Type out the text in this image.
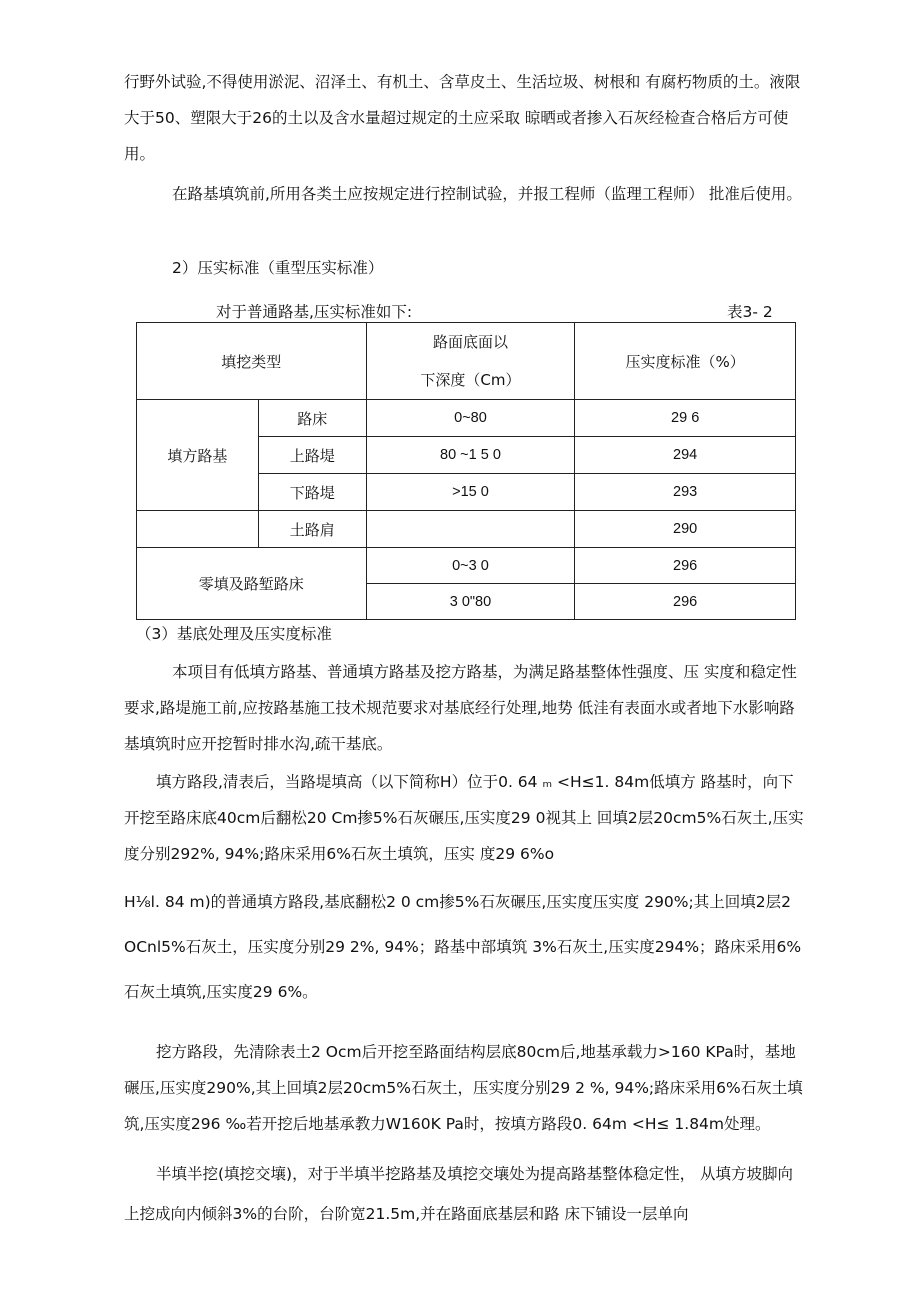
行野外试验,不得使用淤泥、沼泽土、有机土、含草皮土、生活垃圾、树根和 有腐朽物质的土。液限大于50、塑限大于26的土以及含水量超过规定的土应采取 晾晒或者掺入石灰经检查合格后方可使用。

在路基填筑前,所用各类土应按规定进行控制试验，并报工程师（监理工程师） 批准后使用。

2）压实标准（重型压实标准）
对于普通路基,压实标准如下:	表3- 2
填挖类型		路面底面以
下深度（Cm）	压实度标准（%）
填方路基	路床	0~80	29 6
	上路堤	80 ~1 5 0	294
	下路堤	>15 0	293
	土路肩		290
零填及路堑路床		0~3 0	296
		3 0"80	296
（3）基底处理及压实度标准

本项目有低填方路基、普通填方路基及挖方路基，为满足路基整体性强度、压 实度和稳定性要求,路堤施工前,应按路基施工技术规范要求对基底经行处理,地势 低洼有表面水或者地下水影响路基填筑时应开挖暂时排水沟,疏干基底。

填方路段,清表后，当路堤填高（以下简称H）位于0. 64 ₘ <H≤1. 84m低填方 路基时，向下开挖至路床底40cm后翻松20 Cm掺5%石灰碾压,压实度29 0视其上 回填2层20cm5%石灰土,压实度分别292%, 94%;路床采用6%石灰土填筑，压实 度29 6%o

H⅛l. 84 m)的普通填方路段,基底翻松2 0 cm掺5%石灰碾压,压实度压实度 290%;其上回填2层2 OCnl5%石灰土，压实度分别29 2%, 94%；路基中部填筑 3%石灰土,压实度294%；路床采用6%石灰土填筑,压实度29 6%。

挖方路段，先清除表土2 Ocm后开挖至路面结构层底80cm后,地基承载力>160 KPa时，基地碾压,压实度290%,其上回填2层20cm5%石灰土，压实度分别29 2 %, 94%;路床采用6%石灰土填筑,压实度296 ‰若开挖后地基承教力W160K Pa时，按填方路段0. 64m <H≤ 1.84m处理。

半填半挖(填挖交壤)，对于半填半挖路基及填挖交壤处为提高路基整体稳定性， 从填方坡脚向上挖成向内倾斜3%的台阶，台阶宽21.5m,并在路面底基层和路 床下铺设一层单向
